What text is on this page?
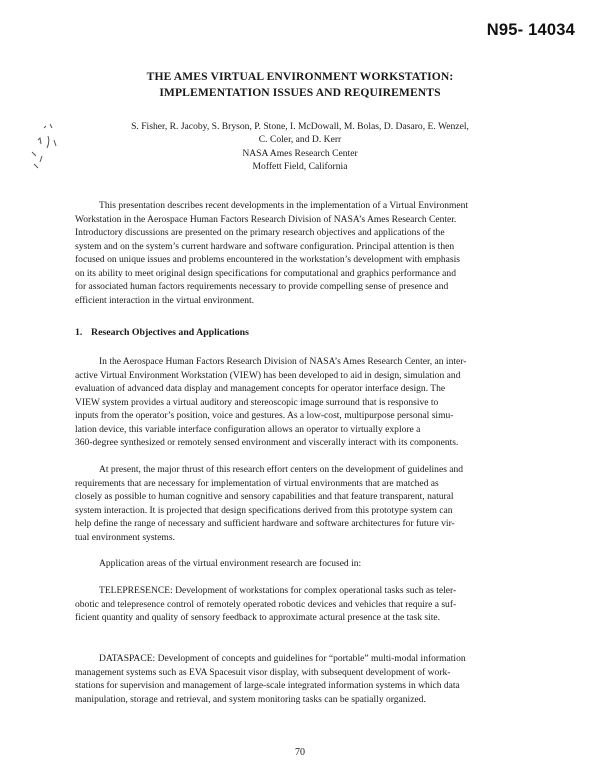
N95- 14034
THE AMES VIRTUAL ENVIRONMENT WORKSTATION:
IMPLEMENTATION ISSUES AND REQUIREMENTS
S. Fisher, R. Jacoby, S. Bryson, P. Stone, I. McDowall, M. Bolas, D. Dasaro, E. Wenzel,
C. Coler, and D. Kerr
NASA Ames Research Center
Moffett Field, California
This presentation describes recent developments in the implementation of a Virtual Environment
Workstation in the Aerospace Human Factors Research Division of NASA’s Ames Research Center.
Introductory discussions are presented on the primary research objectives and applications of the
system and on the system’s current hardware and software configuration. Principal attention is then
focused on unique issues and problems encountered in the workstation’s development with emphasis
on its ability to meet original design specifications for computational and graphics performance and
for associated human factors requirements necessary to provide compelling sense of presence and
efficient interaction in the virtual environment.
1. Research Objectives and Applications
In the Aerospace Human Factors Research Division of NASA’s Ames Research Center, an inter-
active Virtual Environment Workstation (VIEW) has been developed to aid in design, simulation and
evaluation of advanced data display and management concepts for operator interface design. The
VIEW system provides a virtual auditory and stereoscopic image surround that is responsive to
inputs from the operator’s position, voice and gestures. As a low-cost, multipurpose personal simu-
lation device, this variable interface configuration allows an operator to virtually explore a
360-degree synthesized or remotely sensed environment and viscerally interact with its components.
At present, the major thrust of this research effort centers on the development of guidelines and
requirements that are necessary for implementation of virtual environments that are matched as
closely as possible to human cognitive and sensory capabilities and that feature transparent, natural
system interaction. It is projected that design specifications derived from this prototype system can
help define the range of necessary and sufficient hardware and software architectures for future vir-
tual environment systems.
Application areas of the virtual environment research are focused in:
TELEPRESENCE: Development of workstations for complex operational tasks such as teler-
obotic and telepresence control of remotely operated robotic devices and vehicles that require a suf-
ficient quantity and quality of sensory feedback to approximate actural presence at the task site.
DATASPACE: Development of concepts and guidelines for “portable” multi-modal information
management systems such as EVA Spacesuit visor display, with subsequent development of work-
stations for supervision and management of large-scale integrated information systems in which data
manipulation, storage and retrieval, and system monitoring tasks can be spatially organized.
70
